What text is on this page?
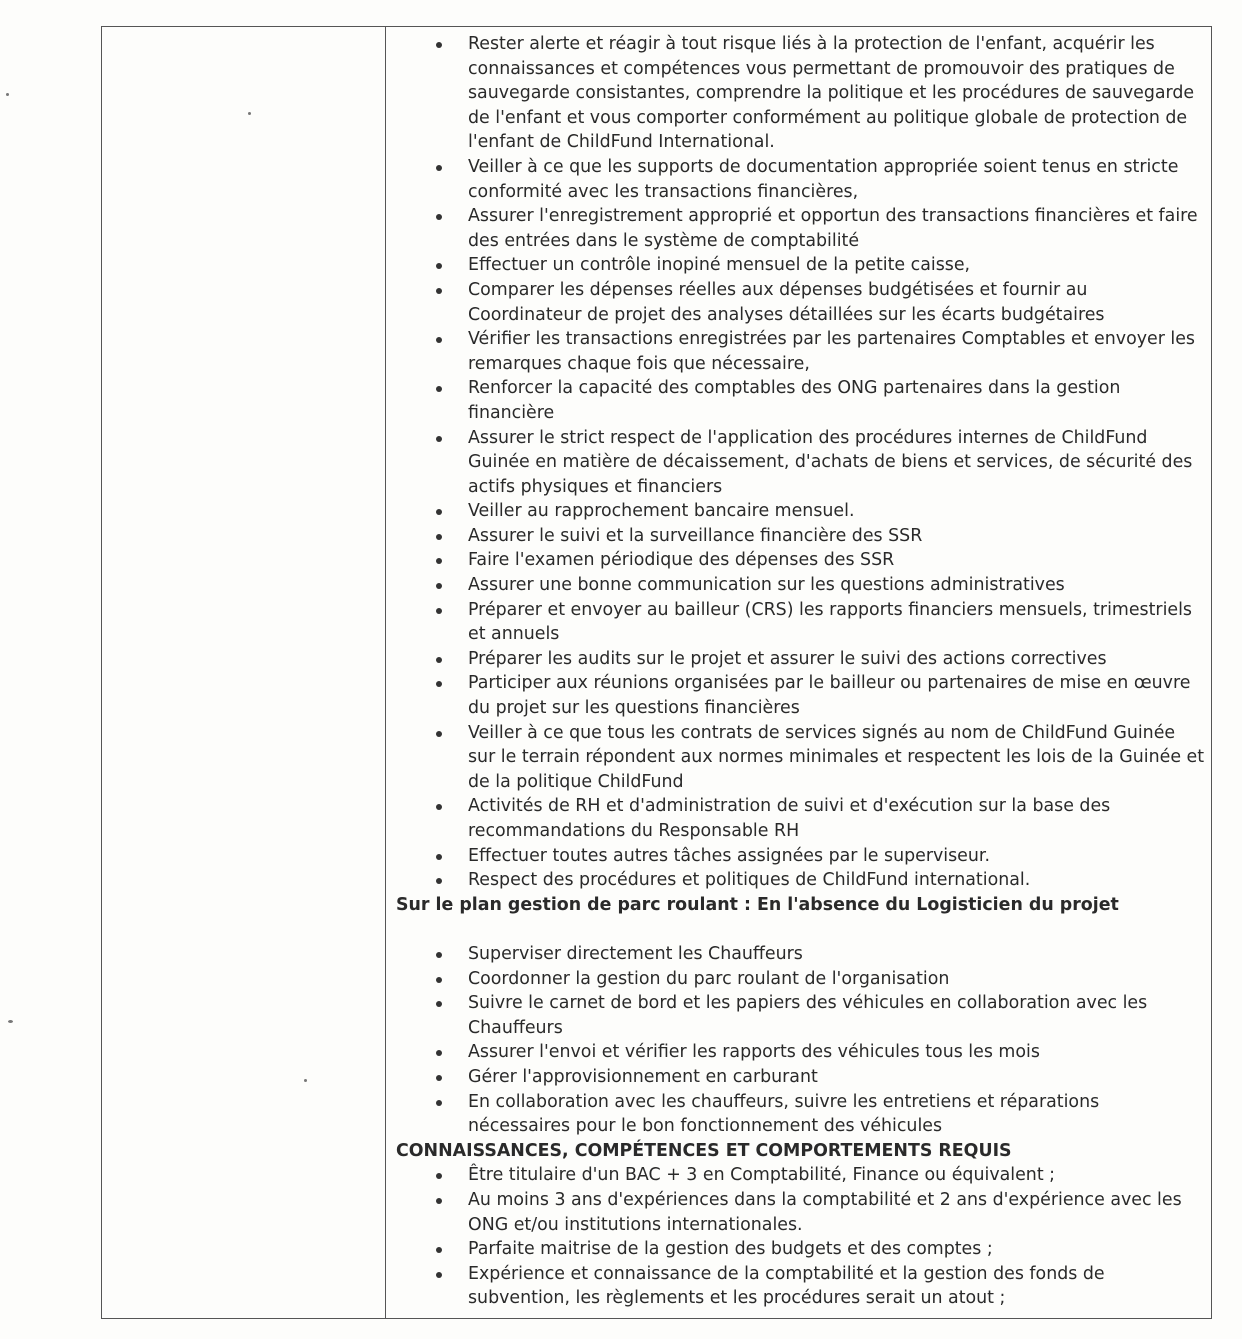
Rester alerte et réagir à tout risque liés à la protection de l'enfant, acquérir les connaissances et compétences vous permettant de promouvoir des pratiques de sauvegarde consistantes, comprendre la politique et les procédures de sauvegarde de l'enfant et vous comporter conformément au politique globale de protection de l'enfant de ChildFund International.
Veiller à ce que les supports de documentation appropriée soient tenus en stricte conformité avec les transactions financières,
Assurer l'enregistrement approprié et opportun des transactions financières et faire des entrées dans le système de comptabilité
Effectuer un contrôle inopiné mensuel de la petite caisse,
Comparer les dépenses réelles aux dépenses budgétisées et fournir au Coordinateur de projet des analyses détaillées sur les écarts budgétaires
Vérifier les transactions enregistrées par les partenaires Comptables et envoyer les remarques chaque fois que nécessaire,
Renforcer la capacité des comptables des ONG partenaires dans la gestion financière
Assurer le strict respect de l'application des procédures internes de ChildFund Guinée en matière de décaissement, d'achats de biens et services, de sécurité des actifs physiques et financiers
Veiller au rapprochement bancaire mensuel.
Assurer le suivi et la surveillance financière des SSR
Faire l'examen périodique des dépenses des SSR
Assurer une bonne communication sur les questions administratives
Préparer et envoyer au bailleur (CRS) les rapports financiers mensuels, trimestriels et annuels
Préparer les audits sur le projet et assurer le suivi des actions correctives
Participer aux réunions organisées par le bailleur ou partenaires de mise en œuvre du projet sur les questions financières
Veiller à ce que tous les contrats de services signés au nom de ChildFund Guinée sur le terrain répondent aux normes minimales et respectent les lois de la Guinée et de la politique ChildFund
Activités de RH et d'administration de suivi et d'exécution sur la base des recommandations du Responsable RH
Effectuer toutes autres tâches assignées par le superviseur.
Respect des procédures et politiques de ChildFund international.
Sur le plan gestion de parc roulant : En l'absence du Logisticien du projet
Superviser directement les Chauffeurs
Coordonner la gestion du parc roulant de l'organisation
Suivre le carnet de bord et les papiers des véhicules en collaboration avec les Chauffeurs
Assurer l'envoi et vérifier les rapports des véhicules tous les mois
Gérer l'approvisionnement en carburant
En collaboration avec les chauffeurs, suivre les entretiens et réparations nécessaires pour le bon fonctionnement des véhicules
CONNAISSANCES, COMPÉTENCES ET COMPORTEMENTS REQUIS
Être titulaire d'un BAC + 3 en Comptabilité, Finance ou équivalent ;
Au moins 3 ans d'expériences dans la comptabilité et 2 ans d'expérience avec les ONG et/ou institutions internationales.
Parfaite maitrise de la gestion des budgets et des comptes ;
Expérience et connaissance de la comptabilité et la gestion des fonds de subvention, les règlements et les procédures serait un atout ;
